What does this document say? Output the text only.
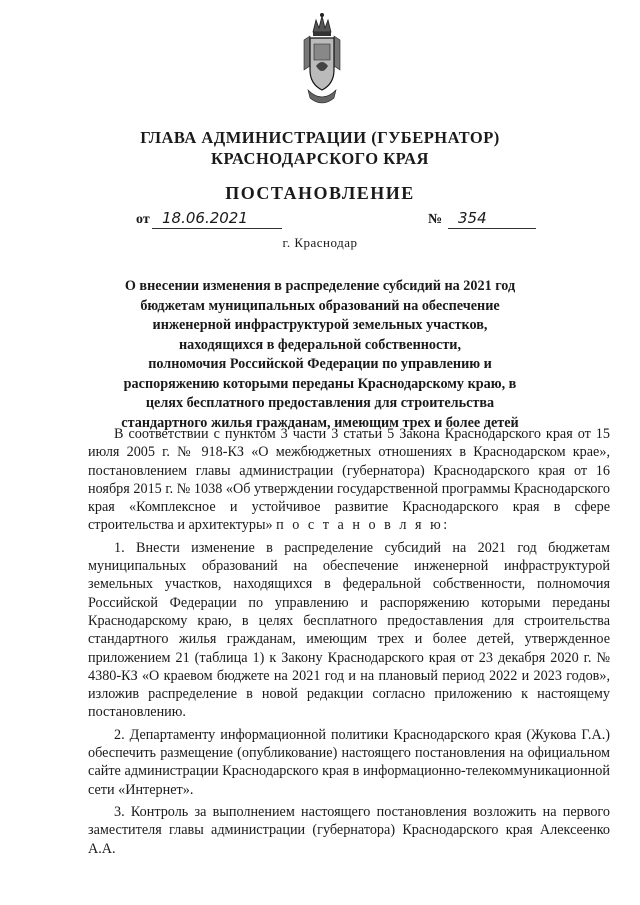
ГЛАВА АДМИНИСТРАЦИИ (ГУБЕРНАТОР)
КРАСНОДАРСКОГО КРАЯ
ПОСТАНОВЛЕНИЕ
от 18.06.2021	№	354
г. Краснодар
О внесении изменения в распределение субсидий на 2021 год
бюджетам муниципальных образований на обеспечение
инженерной инфраструктурой земельных участков,
находящихся в федеральной собственности,
полномочия Российской Федерации по управлению и
распоряжению которыми переданы Краснодарскому краю, в
целях бесплатного предоставления для строительства
стандартного жилья гражданам, имеющим трех и более детей

В соответствии с пунктом 3 части 3 статьи 5 Закона Краснодарского края от 15 июля 2005 г. № 918-КЗ «О межбюджетных отношениях в Краснодарском крае», постановлением главы администрации (губернатора) Краснодарского края от 16 ноября 2015 г. № 1038 «Об утверждении государственной программы Краснодарского края «Комплексное и устойчивое развитие Краснодарского края в сфере строительства и архитектуры» п о с т а н о в л я ю:

1. Внести изменение в распределение субсидий на 2021 год бюджетам муниципальных образований на обеспечение инженерной инфраструктурой земельных участков, находящихся в федеральной собственности, полномочия Российской Федерации по управлению и распоряжению которыми переданы Краснодарскому краю, в целях бесплатного предоставления для строительства стандартного жилья гражданам, имеющим трех и более детей, утвержденное приложением 21 (таблица 1) к Закону Краснодарского края от 23 декабря 2020 г. № 4380-КЗ «О краевом бюджете на 2021 год и на плановый период 2022 и 2023 годов», изложив распределение в новой редакции согласно приложению к настоящему постановлению.

2. Департаменту информационной политики Краснодарского края (Жукова Г.А.) обеспечить размещение (опубликование) настоящего постановления на официальном сайте администрации Краснодарского края в информационно-телекоммуникационной сети «Интернет».

3. Контроль за выполнением настоящего постановления возложить на первого заместителя главы администрации (губернатора) Краснодарского края Алексеенко А.А.
